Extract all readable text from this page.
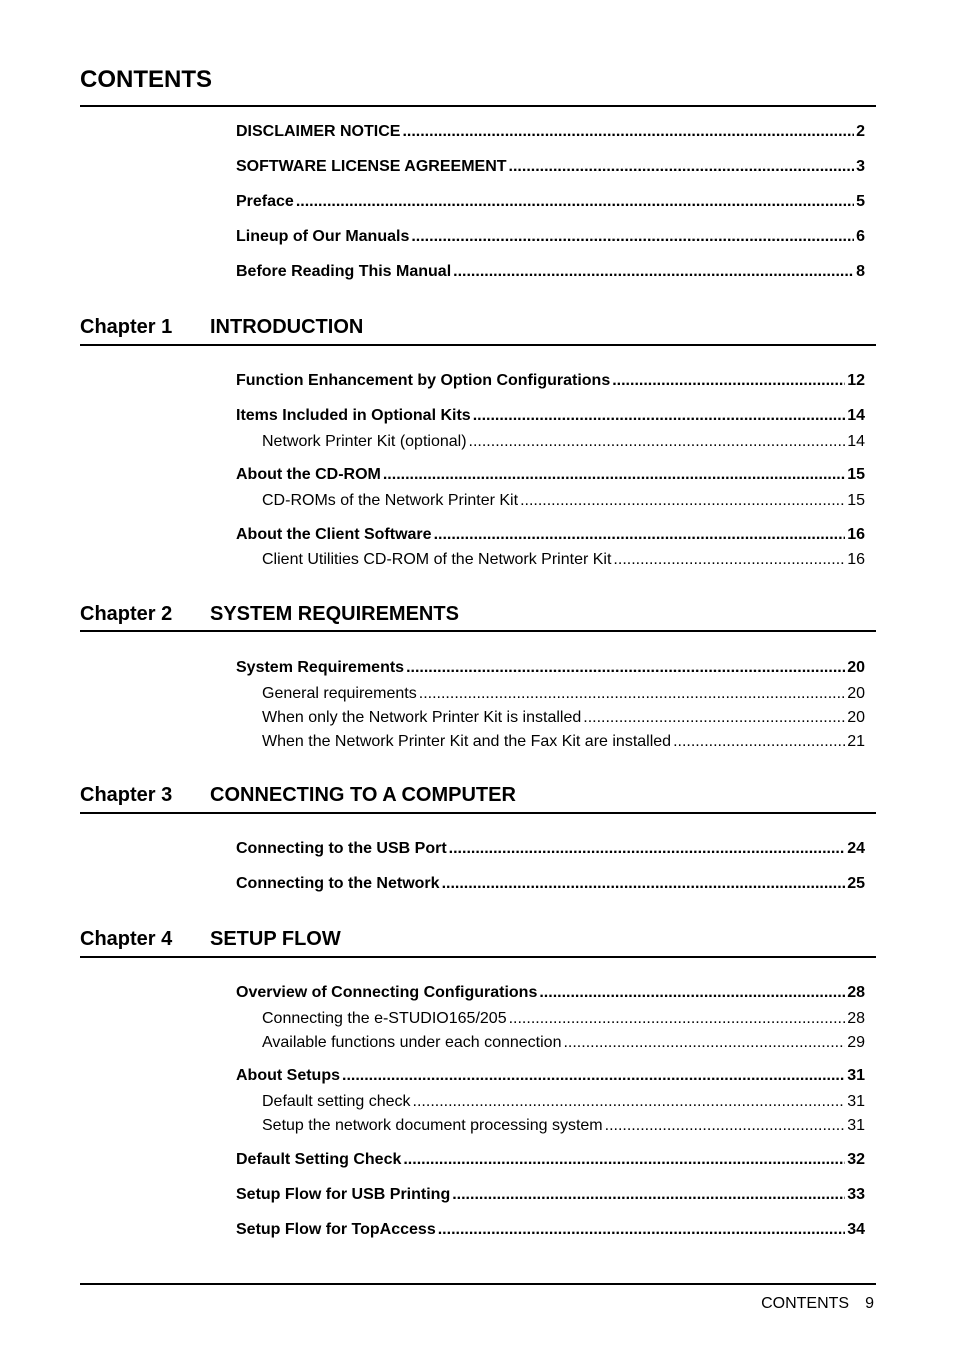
CONTENTS
DISCLAIMER NOTICE .....	2
SOFTWARE LICENSE AGREEMENT .....	3
Preface .....	5
Lineup of Our Manuals .....	6
Before Reading This Manual .....	8
Chapter 1 INTRODUCTION
Function Enhancement by Option Configurations .....	12
Items Included in Optional Kits .....	14
Network Printer Kit (optional) .....	14
About the CD-ROM .....	15
CD-ROMs of the Network Printer Kit .....	15
About the Client Software .....	16
Client Utilities CD-ROM of the Network Printer Kit .....	16
Chapter 2 SYSTEM REQUIREMENTS
System Requirements .....	20
General requirements .....	20
When only the Network Printer Kit is installed .....	20
When the Network Printer Kit and the Fax Kit are installed .....	21
Chapter 3 CONNECTING TO A COMPUTER
Connecting to the USB Port .....	24
Connecting to the Network .....	25
Chapter 4 SETUP FLOW
Overview of Connecting Configurations .....	28
Connecting the e-STUDIO165/205 .....	28
Available functions under each connection .....	29
About Setups .....	31
Default setting check .....	31
Setup the network document processing system .....	31
Default Setting Check .....	32
Setup Flow for USB Printing .....	33
Setup Flow for TopAccess .....	34
CONTENTS 9
